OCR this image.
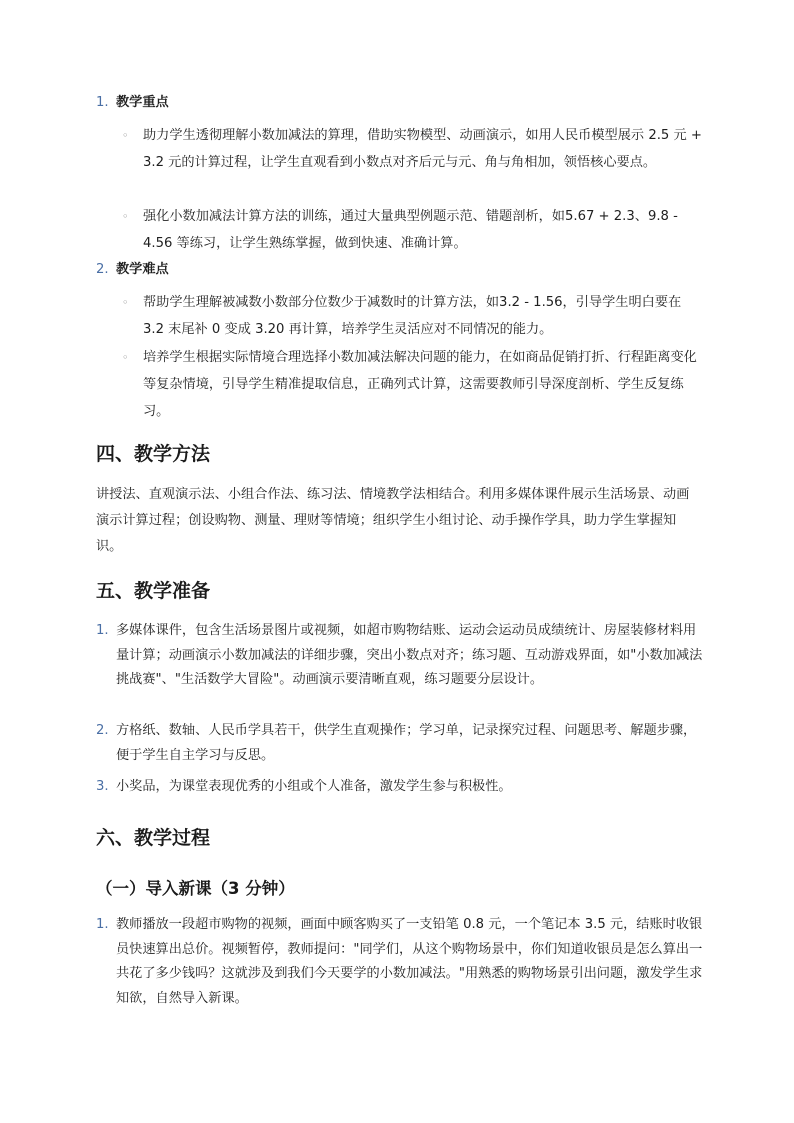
1. 教学重点
◦ 助力学生透彻理解小数加减法的算理，借助实物模型、动画演示，如用人民币模型展示 2.5 元 + 3.2 元的计算过程，让学生直观看到小数点对齐后元与元、角与角相加，领悟核心要点。
◦ 强化小数加减法计算方法的训练，通过大量典型例题示范、错题剖析，如5.67 + 2.3、9.8 - 4.56 等练习，让学生熟练掌握，做到快速、准确计算。
2. 教学难点
◦ 帮助学生理解被减数小数部分位数少于减数时的计算方法，如3.2 - 1.56，引导学生明白要在 3.2 末尾补 0 变成 3.20 再计算，培养学生灵活应对不同情况的能力。
◦ 培养学生根据实际情境合理选择小数加减法解决问题的能力，在如商品促销打折、行程距离变化等复杂情境，引导学生精准提取信息，正确列式计算，这需要教师引导深度剖析、学生反复练习。
四、教学方法
讲授法、直观演示法、小组合作法、练习法、情境教学法相结合。利用多媒体课件展示生活场景、动画演示计算过程；创设购物、测量、理财等情境；组织学生小组讨论、动手操作学具，助力学生掌握知识。
五、教学准备
1. 多媒体课件，包含生活场景图片或视频，如超市购物结账、运动会运动员成绩统计、房屋装修材料用量计算；动画演示小数加减法的详细步骤，突出小数点对齐；练习题、互动游戏界面，如"小数加减法挑战赛"、"生活数学大冒险"。动画演示要清晰直观，练习题要分层设计。
2. 方格纸、数轴、人民币学具若干，供学生直观操作；学习单，记录探究过程、问题思考、解题步骤，便于学生自主学习与反思。
3. 小奖品，为课堂表现优秀的小组或个人准备，激发学生参与积极性。
六、教学过程
（一）导入新课（3 分钟）
1. 教师播放一段超市购物的视频，画面中顾客购买了一支铅笔 0.8 元，一个笔记本 3.5 元，结账时收银员快速算出总价。视频暂停，教师提问："同学们，从这个购物场景中，你们知道收银员是怎么算出一共花了多少钱吗？这就涉及到我们今天要学的小数加减法。"用熟悉的购物场景引出问题，激发学生求知欲，自然导入新课。
